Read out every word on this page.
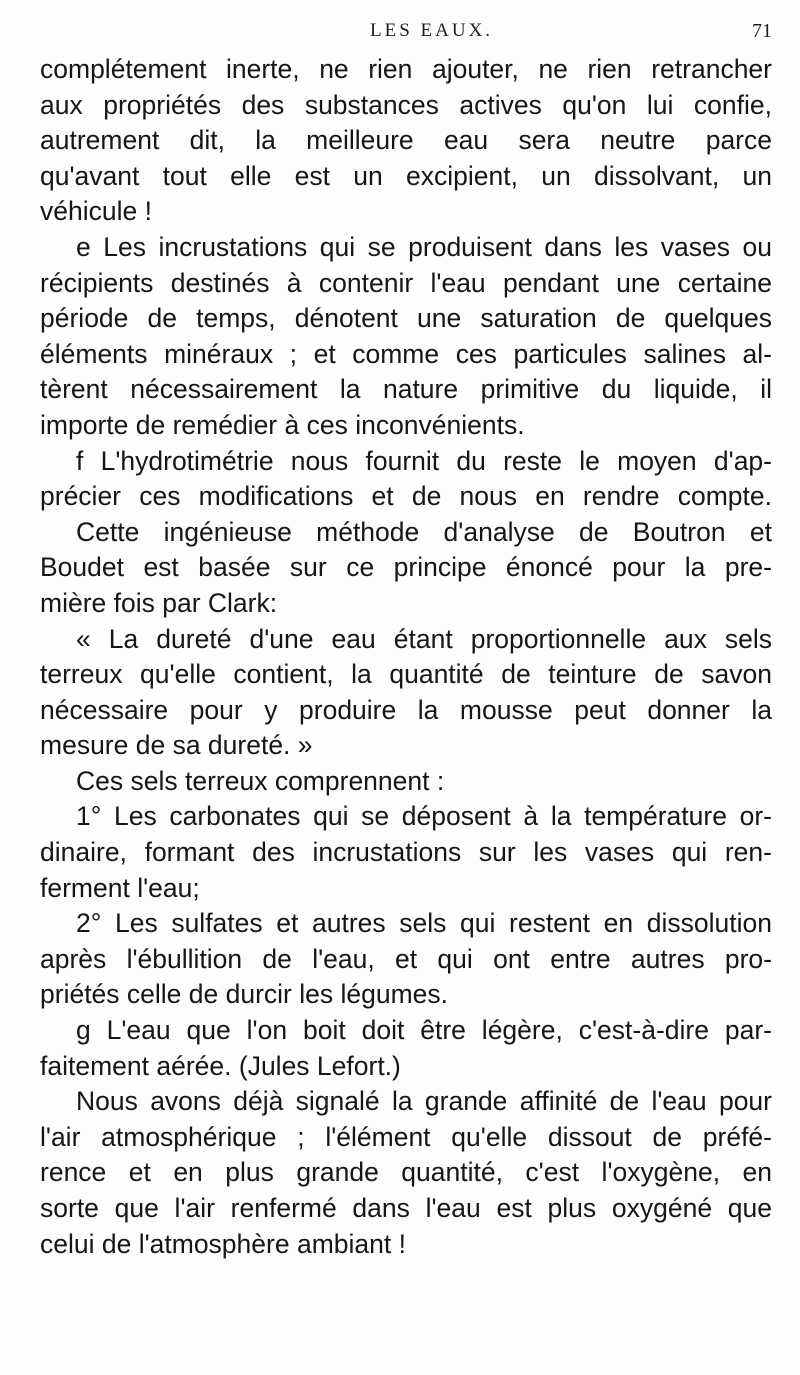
LES EAUX.	71
complétement inerte, ne rien ajouter, ne rien retrancher
aux propriétés des substances actives qu'on lui confie,
autrement dit, la meilleure eau sera neutre parce
qu'avant tout elle est un excipient, un dissolvant, un
véhicule !
e Les incrustations qui se produisent dans les vases ou
récipients destinés à contenir l'eau pendant une certaine
période de temps, dénotent une saturation de quelques
éléments minéraux ; et comme ces particules salines al-
tèrent nécessairement la nature primitive du liquide, il
importe de remédier à ces inconvénients.
f L'hydrotimétrie nous fournit du reste le moyen d'ap-
précier ces modifications et de nous en rendre compte.
Cette ingénieuse méthode d'analyse de Boutron et
Boudet est basée sur ce principe énoncé pour la pre-
mière fois par Clark:
« La dureté d'une eau étant proportionnelle aux sels
terreux qu'elle contient, la quantité de teinture de savon
nécessaire pour y produire la mousse peut donner la
mesure de sa dureté. »
Ces sels terreux comprennent :
1° Les carbonates qui se déposent à la température or-
dinaire, formant des incrustations sur les vases qui ren-
ferment l'eau;
2° Les sulfates et autres sels qui restent en dissolution
après l'ébullition de l'eau, et qui ont entre autres pro-
priétés celle de durcir les légumes.
g L'eau que l'on boit doit être légère, c'est-à-dire par-
faitement aérée. (Jules Lefort.)
Nous avons déjà signalé la grande affinité de l'eau pour
l'air atmosphérique ; l'élément qu'elle dissout de préfé-
rence et en plus grande quantité, c'est l'oxygène, en
sorte que l'air renfermé dans l'eau est plus oxygéné que
celui de l'atmosphère ambiant !
